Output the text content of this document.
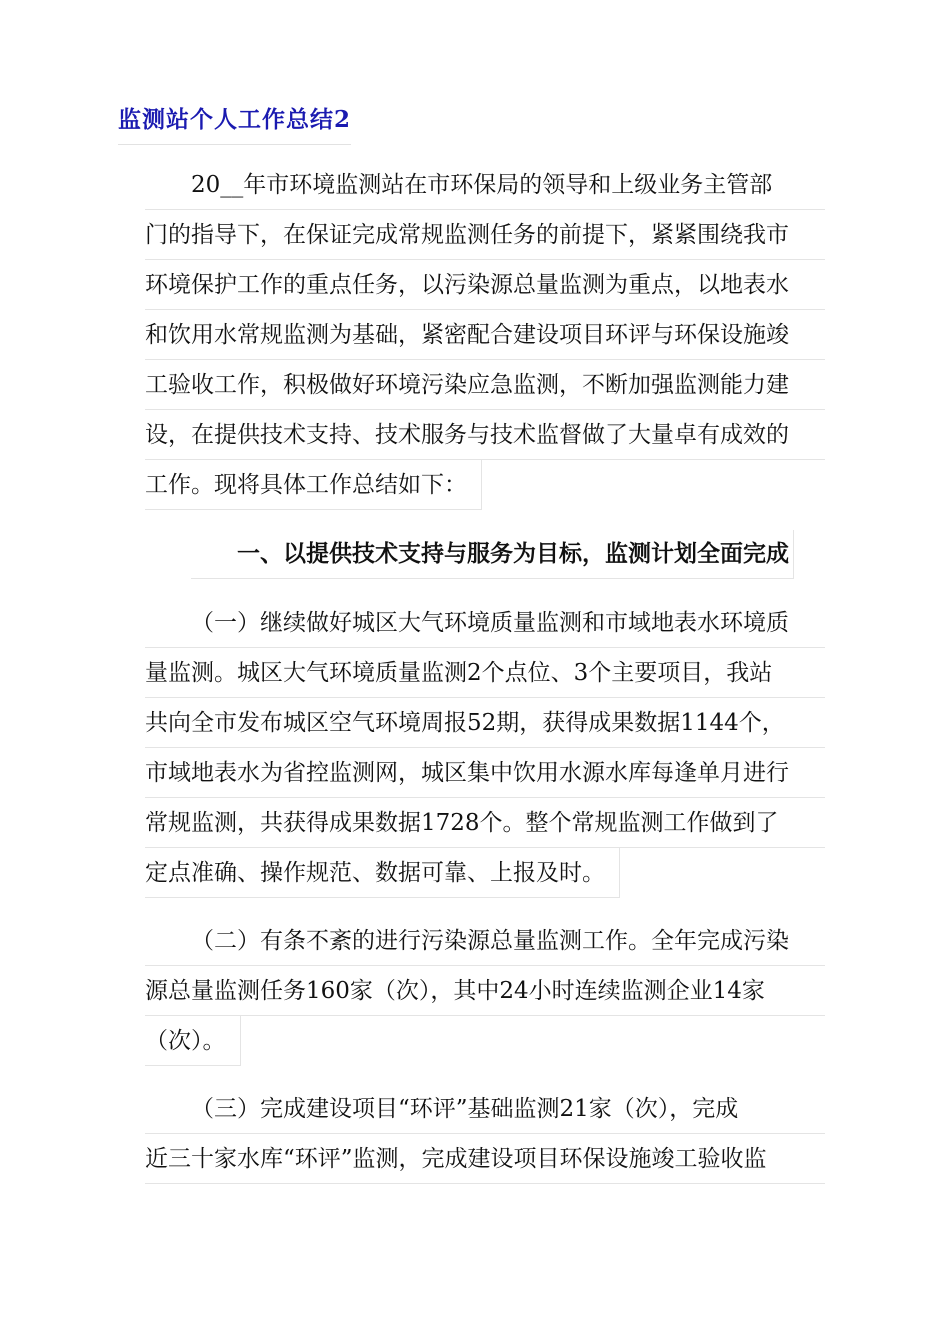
监测站个人工作总结2
20__年市环境监测站在市环保局的领导和上级业务主管部
门的指导下，在保证完成常规监测任务的前提下，紧紧围绕我市
环境保护工作的重点任务，以污染源总量监测为重点，以地表水
和饮用水常规监测为基础，紧密配合建设项目环评与环保设施竣
工验收工作，积极做好环境污染应急监测，不断加强监测能力建
设，在提供技术支持、技术服务与技术监督做了大量卓有成效的
工作。现将具体工作总结如下：
一、以提供技术支持与服务为目标，监测计划全面完成
（一）继续做好城区大气环境质量监测和市域地表水环境质
量监测。城区大气环境质量监测2个点位、3个主要项目，我站
共向全市发布城区空气环境周报52期，获得成果数据1144个，
市域地表水为省控监测网，城区集中饮用水源水库每逢单月进行
常规监测，共获得成果数据1728个。整个常规监测工作做到了
定点准确、操作规范、数据可靠、上报及时。
（二）有条不紊的进行污染源总量监测工作。全年完成污染
源总量监测任务160家（次），其中24小时连续监测企业14家
（次）。
（三）完成建设项目“环评”基础监测21家（次），完成
近三十家水库“环评”监测，完成建设项目环保设施竣工验收监
